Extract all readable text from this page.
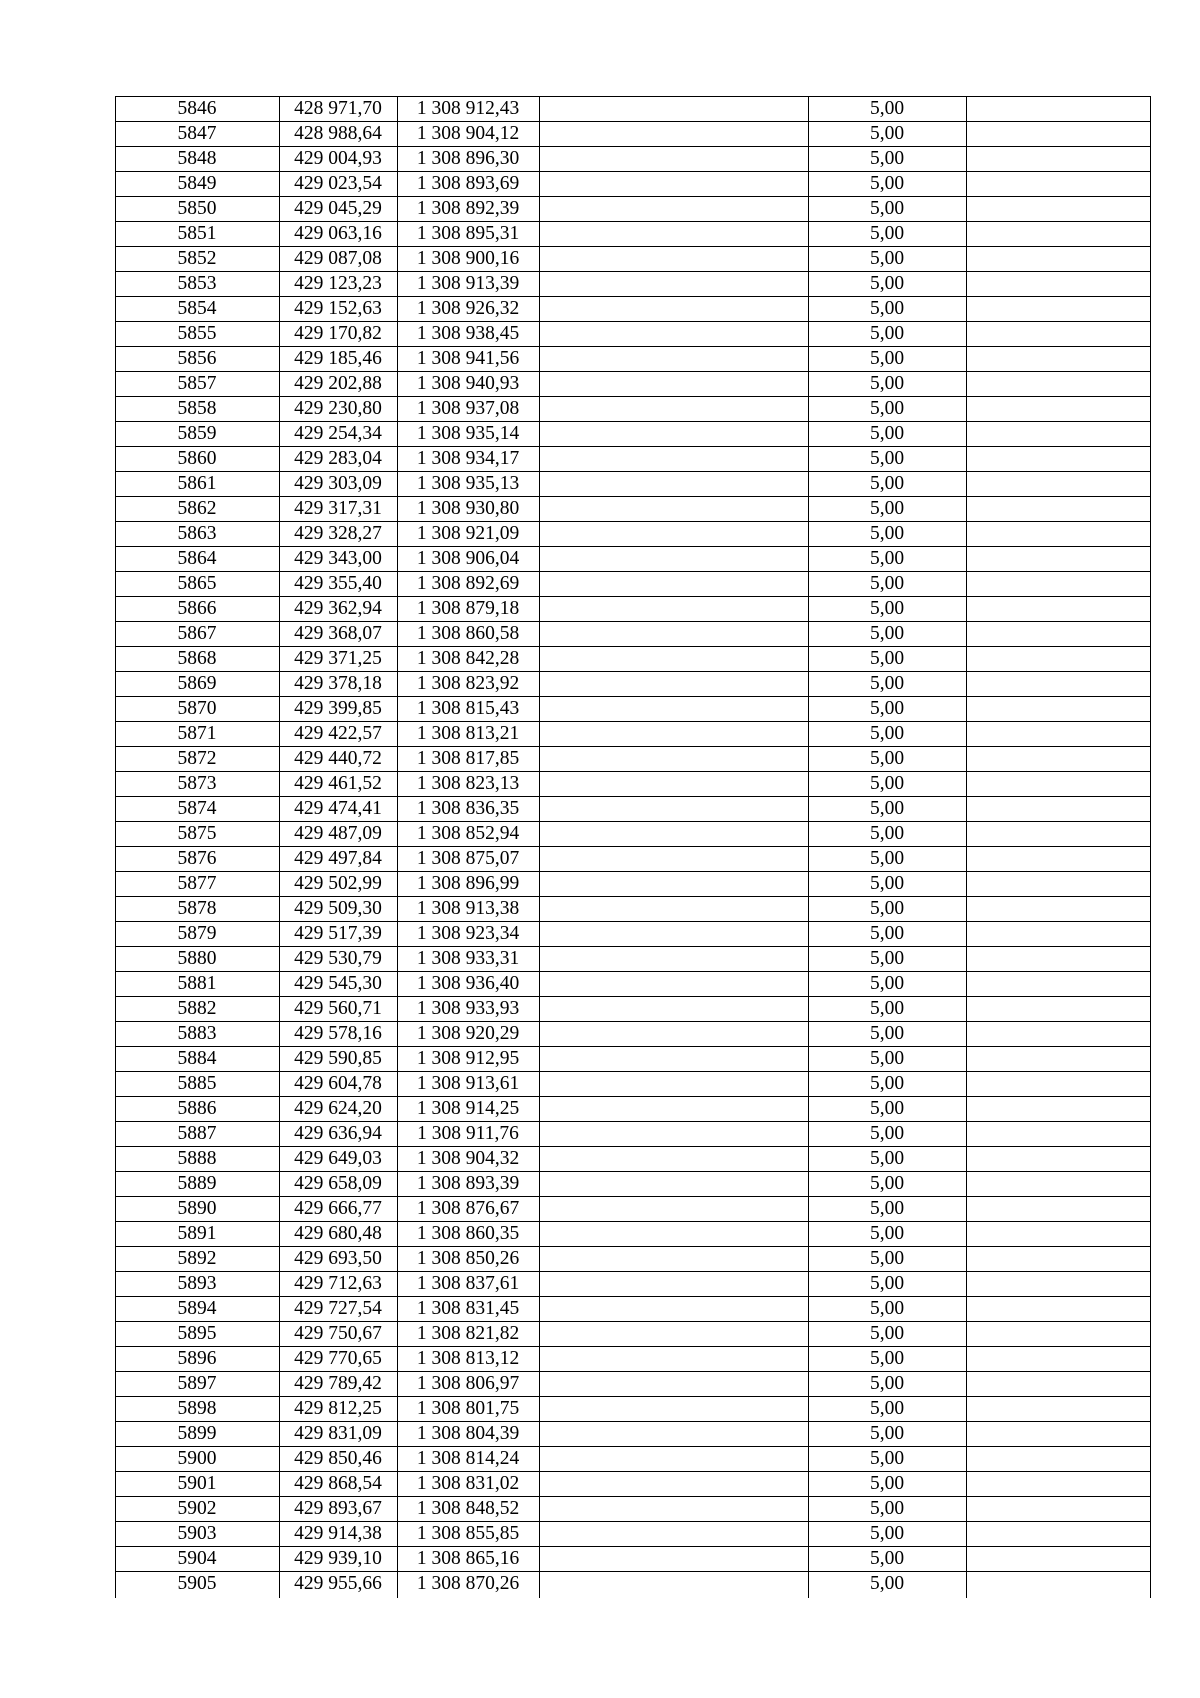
5846	428 971,70	1 308 912,43	5,00
5847	428 988,64	1 308 904,12	5,00
5848	429 004,93	1 308 896,30	5,00
5849	429 023,54	1 308 893,69	5,00
5850	429 045,29	1 308 892,39	5,00
5851	429 063,16	1 308 895,31	5,00
5852	429 087,08	1 308 900,16	5,00
5853	429 123,23	1 308 913,39	5,00
5854	429 152,63	1 308 926,32	5,00
5855	429 170,82	1 308 938,45	5,00
5856	429 185,46	1 308 941,56	5,00
5857	429 202,88	1 308 940,93	5,00
5858	429 230,80	1 308 937,08	5,00
5859	429 254,34	1 308 935,14	5,00
5860	429 283,04	1 308 934,17	5,00
5861	429 303,09	1 308 935,13	5,00
5862	429 317,31	1 308 930,80	5,00
5863	429 328,27	1 308 921,09	5,00
5864	429 343,00	1 308 906,04	5,00
5865	429 355,40	1 308 892,69	5,00
5866	429 362,94	1 308 879,18	5,00
5867	429 368,07	1 308 860,58	5,00
5868	429 371,25	1 308 842,28	5,00
5869	429 378,18	1 308 823,92	5,00
5870	429 399,85	1 308 815,43	5,00
5871	429 422,57	1 308 813,21	5,00
5872	429 440,72	1 308 817,85	5,00
5873	429 461,52	1 308 823,13	5,00
5874	429 474,41	1 308 836,35	5,00
5875	429 487,09	1 308 852,94	5,00
5876	429 497,84	1 308 875,07	5,00
5877	429 502,99	1 308 896,99	5,00
5878	429 509,30	1 308 913,38	5,00
5879	429 517,39	1 308 923,34	5,00
5880	429 530,79	1 308 933,31	5,00
5881	429 545,30	1 308 936,40	5,00
5882	429 560,71	1 308 933,93	5,00
5883	429 578,16	1 308 920,29	5,00
5884	429 590,85	1 308 912,95	5,00
5885	429 604,78	1 308 913,61	5,00
5886	429 624,20	1 308 914,25	5,00
5887	429 636,94	1 308 911,76	5,00
5888	429 649,03	1 308 904,32	5,00
5889	429 658,09	1 308 893,39	5,00
5890	429 666,77	1 308 876,67	5,00
5891	429 680,48	1 308 860,35	5,00
5892	429 693,50	1 308 850,26	5,00
5893	429 712,63	1 308 837,61	5,00
5894	429 727,54	1 308 831,45	5,00
5895	429 750,67	1 308 821,82	5,00
5896	429 770,65	1 308 813,12	5,00
5897	429 789,42	1 308 806,97	5,00
5898	429 812,25	1 308 801,75	5,00
5899	429 831,09	1 308 804,39	5,00
5900	429 850,46	1 308 814,24	5,00
5901	429 868,54	1 308 831,02	5,00
5902	429 893,67	1 308 848,52	5,00
5903	429 914,38	1 308 855,85	5,00
5904	429 939,10	1 308 865,16	5,00
5905	429 955,66	1 308 870,26	5,00
